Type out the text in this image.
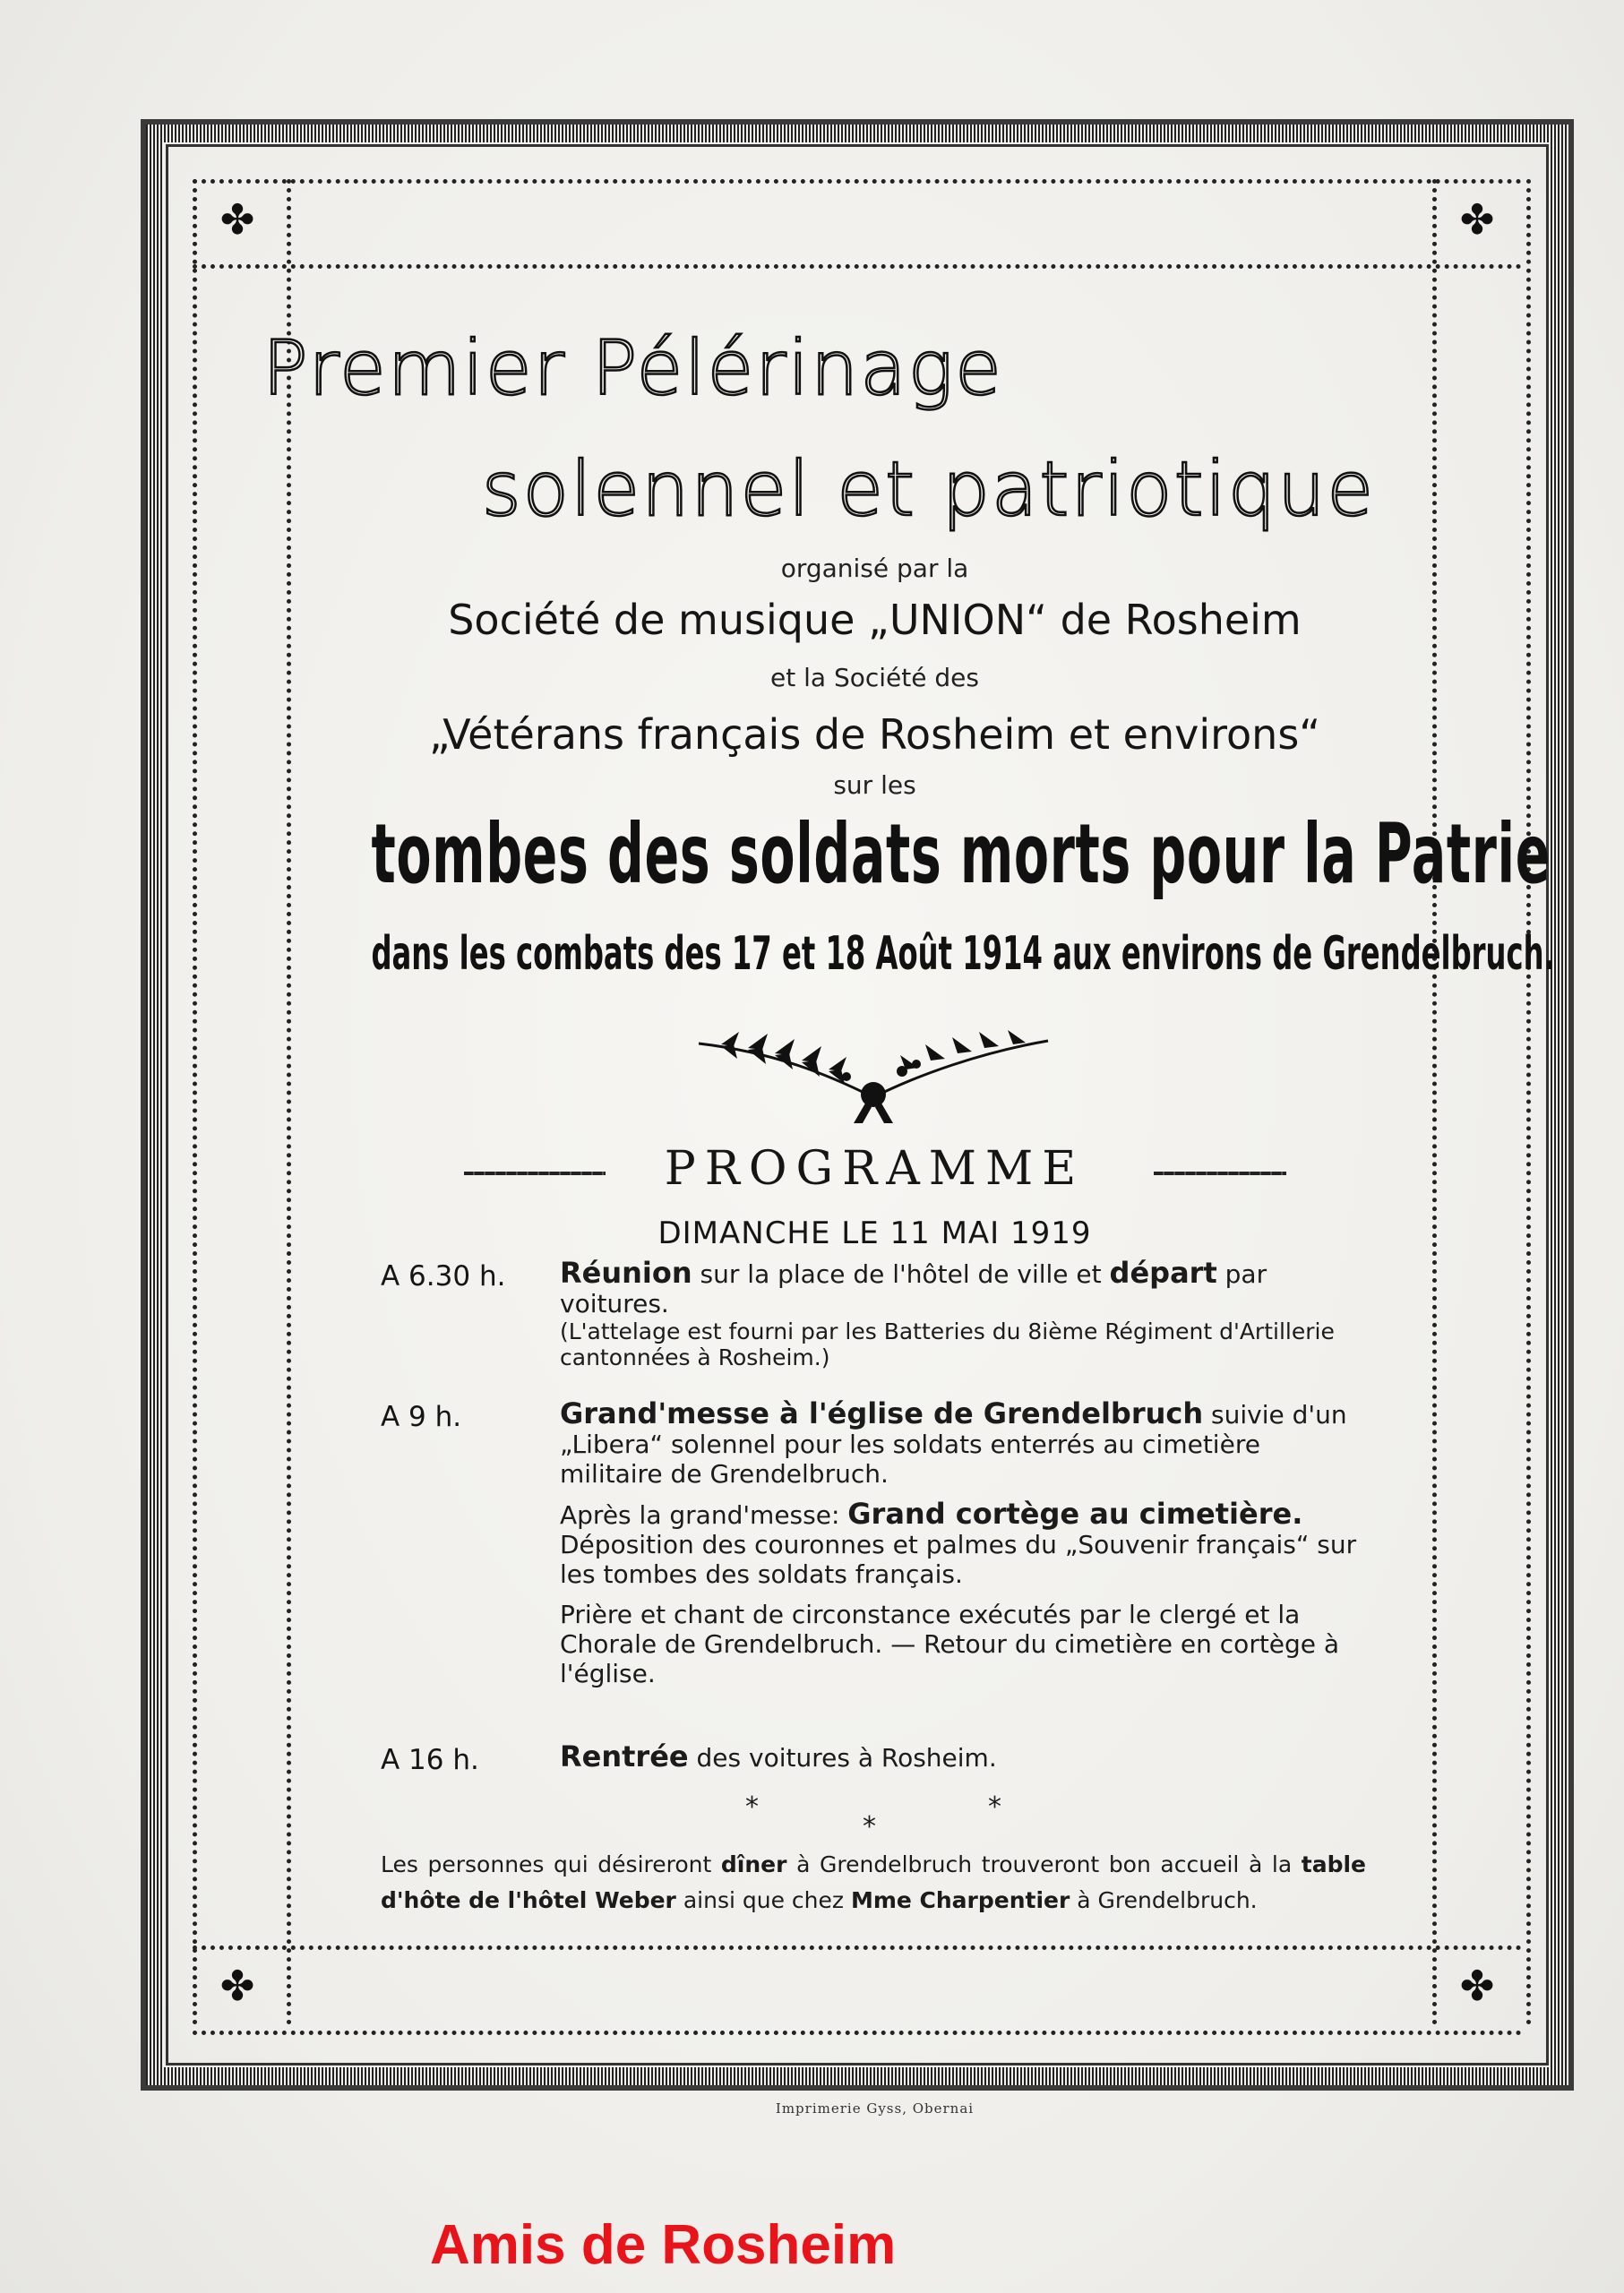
✤	✤
✤	✤
Premier Pélérinage
solennel et patriotique
organisé par la
Société de musique „UNION“ de Rosheim
et la Société des
„Vétérans français de Rosheim et environs“
sur les
tombes des soldats morts pour la Patrie
dans les combats des 17 et 18 Août 1914 aux environs de Grendelbruch.
PROGRAMME
DIMANCHE LE 11 MAI 1919
A 6.30 h. Réunion sur la place de l'hôtel de ville et départ par voitures.
(L'attelage est fourni par les Batteries du 8ième Régiment d'Artillerie cantonnées à Rosheim.)
A 9 h.	Grand'messe à l'église de Grendelbruch suivie d'un „Libera“ solennel pour les soldats enterrés au cimetière militaire de Grendelbruch.
Après la grand'messe: Grand cortège au cimetière. Déposition des couronnes et palmes du „Souvenir français“ sur les tombes des soldats français.
Prière et chant de circonstance exécutés par le clergé et la Chorale de Grendelbruch. — Retour du cimetière en cortège à l'église.
A 16 h.	Rentrée des voitures à Rosheim.
*
*
*
Les personnes qui désireront dîner à Grendelbruch trouveront bon accueil à la table d'hôte de l'hôtel Weber ainsi que chez Mme Charpentier à Grendelbruch.
Imprimerie Gyss, Obernai
Amis de Rosheim
